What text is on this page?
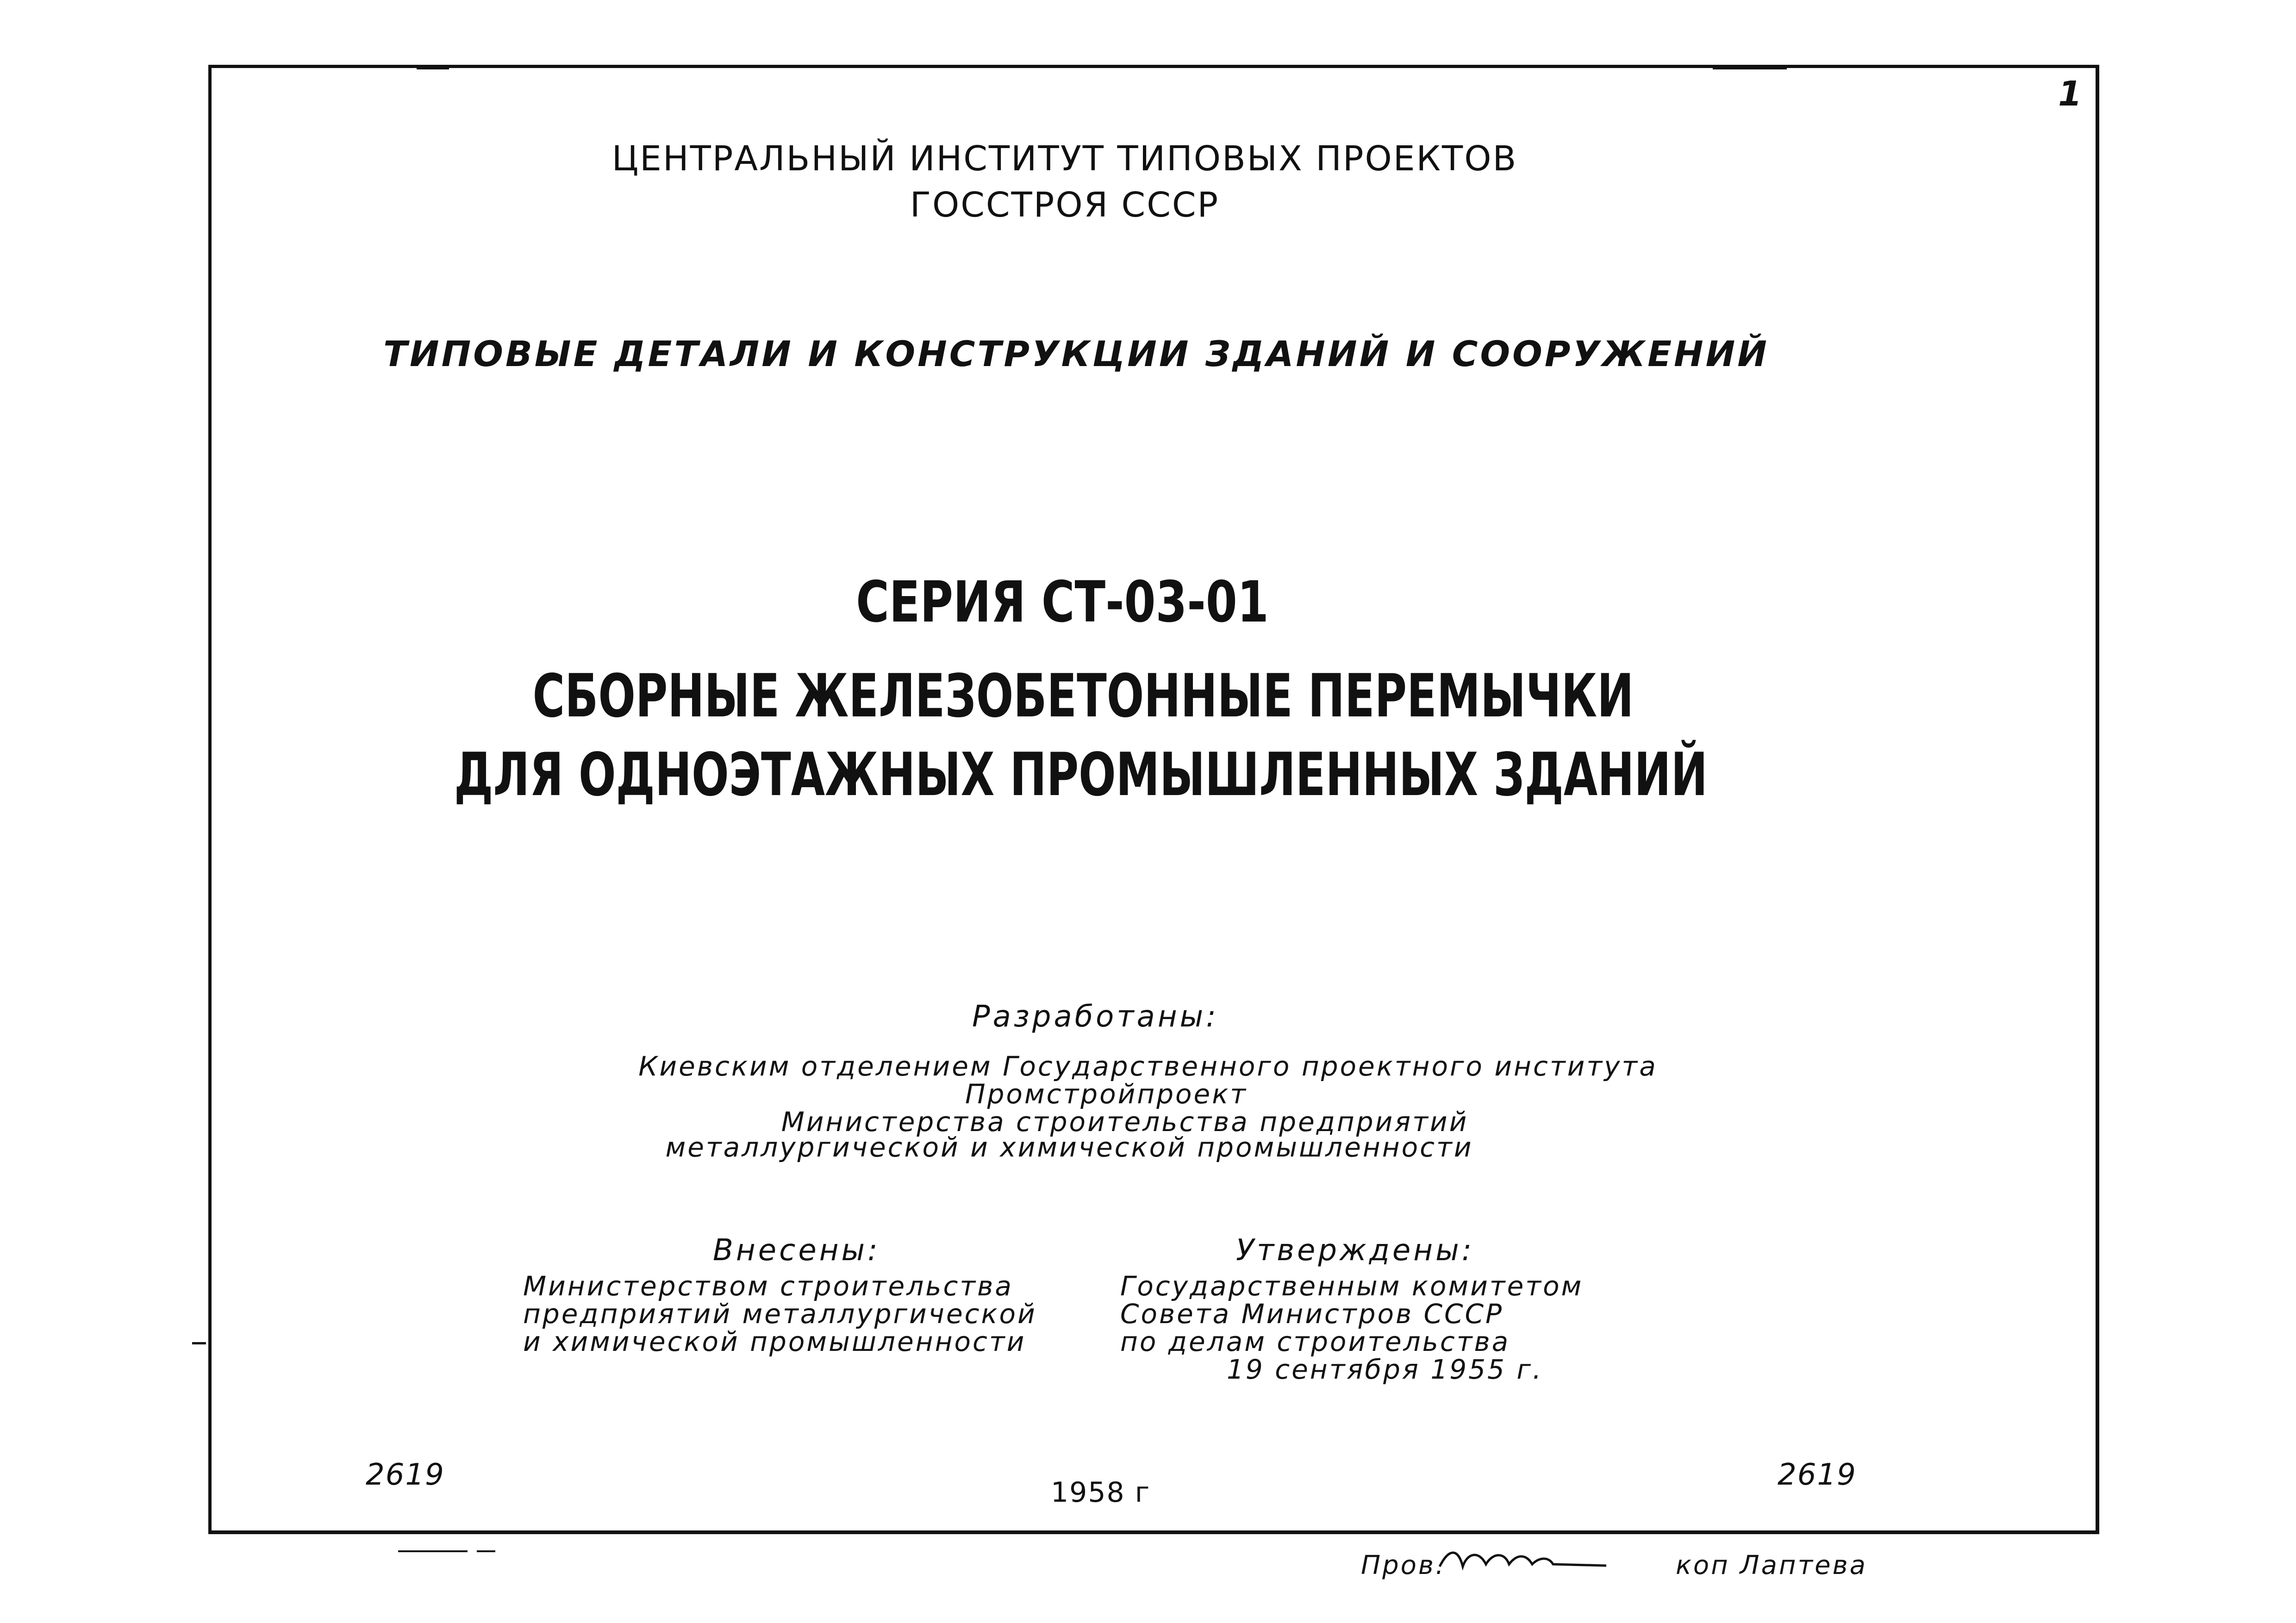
1
ЦЕНТРАЛЬНЫЙ ИНСТИТУТ ТИПОВЫХ ПРОЕКТОВ
ГОССТРОЯ СССР
ТИПОВЫЕ ДЕТАЛИ И КОНСТРУКЦИИ ЗДАНИЙ И СООРУЖЕНИЙ
СЕРИЯ СТ-03-01
СБОРНЫЕ ЖЕЛЕЗОБЕТОННЫЕ ПЕРЕМЫЧКИ
ДЛЯ ОДНОЭТАЖНЫХ ПРОМЫШЛЕННЫХ ЗДАНИЙ
Разработаны:
Киевским отделением Государственного проектного института
Промстройпроект
Министерства строительства предприятий
металлургической и химической промышленности
Внесены:
Министерством строительства
предприятий металлургической
и химической промышленности
Утверждены:
Государственным комитетом
Совета Министров СССР
по делам строительства
19 сентября 1955 г.
2619	2619
1958 г
Пров.	коп Лаптева
